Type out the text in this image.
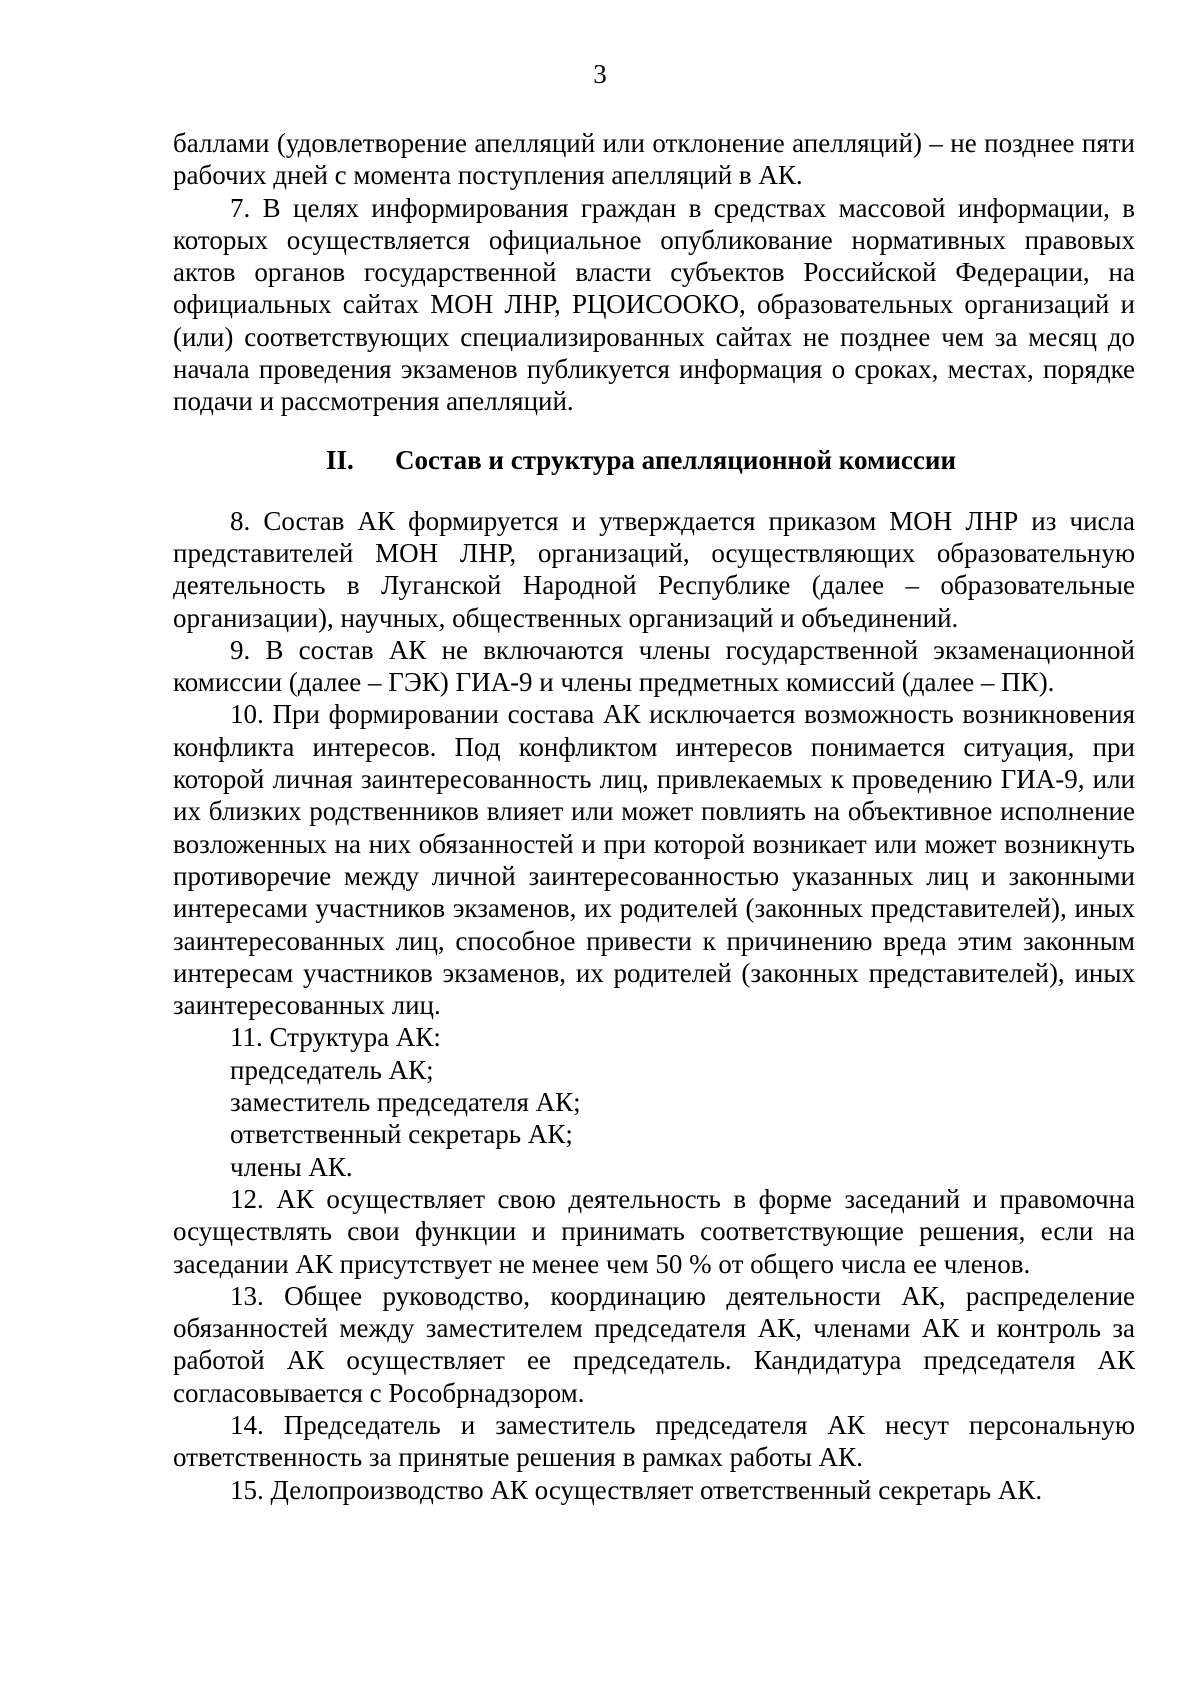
3

баллами (удовлетворение апелляций или отклонение апелляций) – не позднее пяти рабочих дней с момента поступления апелляций в АК.

7. В целях информирования граждан в средствах массовой информации, в которых осуществляется официальное опубликование нормативных правовых актов органов государственной власти субъектов Российской Федерации, на официальных сайтах МОН ЛНР, РЦОИСООКО, образовательных организаций и (или) соответствующих специализированных сайтах не позднее чем за месяц до начала проведения экзаменов публикуется информация о сроках, местах, порядке подачи и рассмотрения апелляций.

II. Состав и структура апелляционной комиссии

8. Состав АК формируется и утверждается приказом МОН ЛНР из числа представителей МОН ЛНР, организаций, осуществляющих образовательную деятельность в Луганской Народной Республике (далее – образовательные организации), научных, общественных организаций и объединений.

9. В состав АК не включаются члены государственной экзаменационной комиссии (далее – ГЭК) ГИА-9 и члены предметных комиссий (далее – ПК).

10. При формировании состава АК исключается возможность возникновения конфликта интересов. Под конфликтом интересов понимается ситуация, при которой личная заинтересованность лиц, привлекаемых к проведению ГИА-9, или их близких родственников влияет или может повлиять на объективное исполнение возложенных на них обязанностей и при которой возникает или может возникнуть противоречие между личной заинтересованностью указанных лиц и законными интересами участников экзаменов, их родителей (законных представителей), иных заинтересованных лиц, способное привести к причинению вреда этим законным интересам участников экзаменов, их родителей (законных представителей), иных заинтересованных лиц.

11. Структура АК:

председатель АК;

заместитель председателя АК;

ответственный секретарь АК;

члены АК.

12. АК осуществляет свою деятельность в форме заседаний и правомочна осуществлять свои функции и принимать соответствующие решения, если на заседании АК присутствует не менее чем 50 % от общего числа ее членов.

13. Общее руководство, координацию деятельности АК, распределение обязанностей между заместителем председателя АК, членами АК и контроль за работой АК осуществляет ее председатель. Кандидатура председателя АК согласовывается с Рособрнадзором.

14. Председатель и заместитель председателя АК несут персональную ответственность за принятые решения в рамках работы АК.

15. Делопроизводство АК осуществляет ответственный секретарь АК.
